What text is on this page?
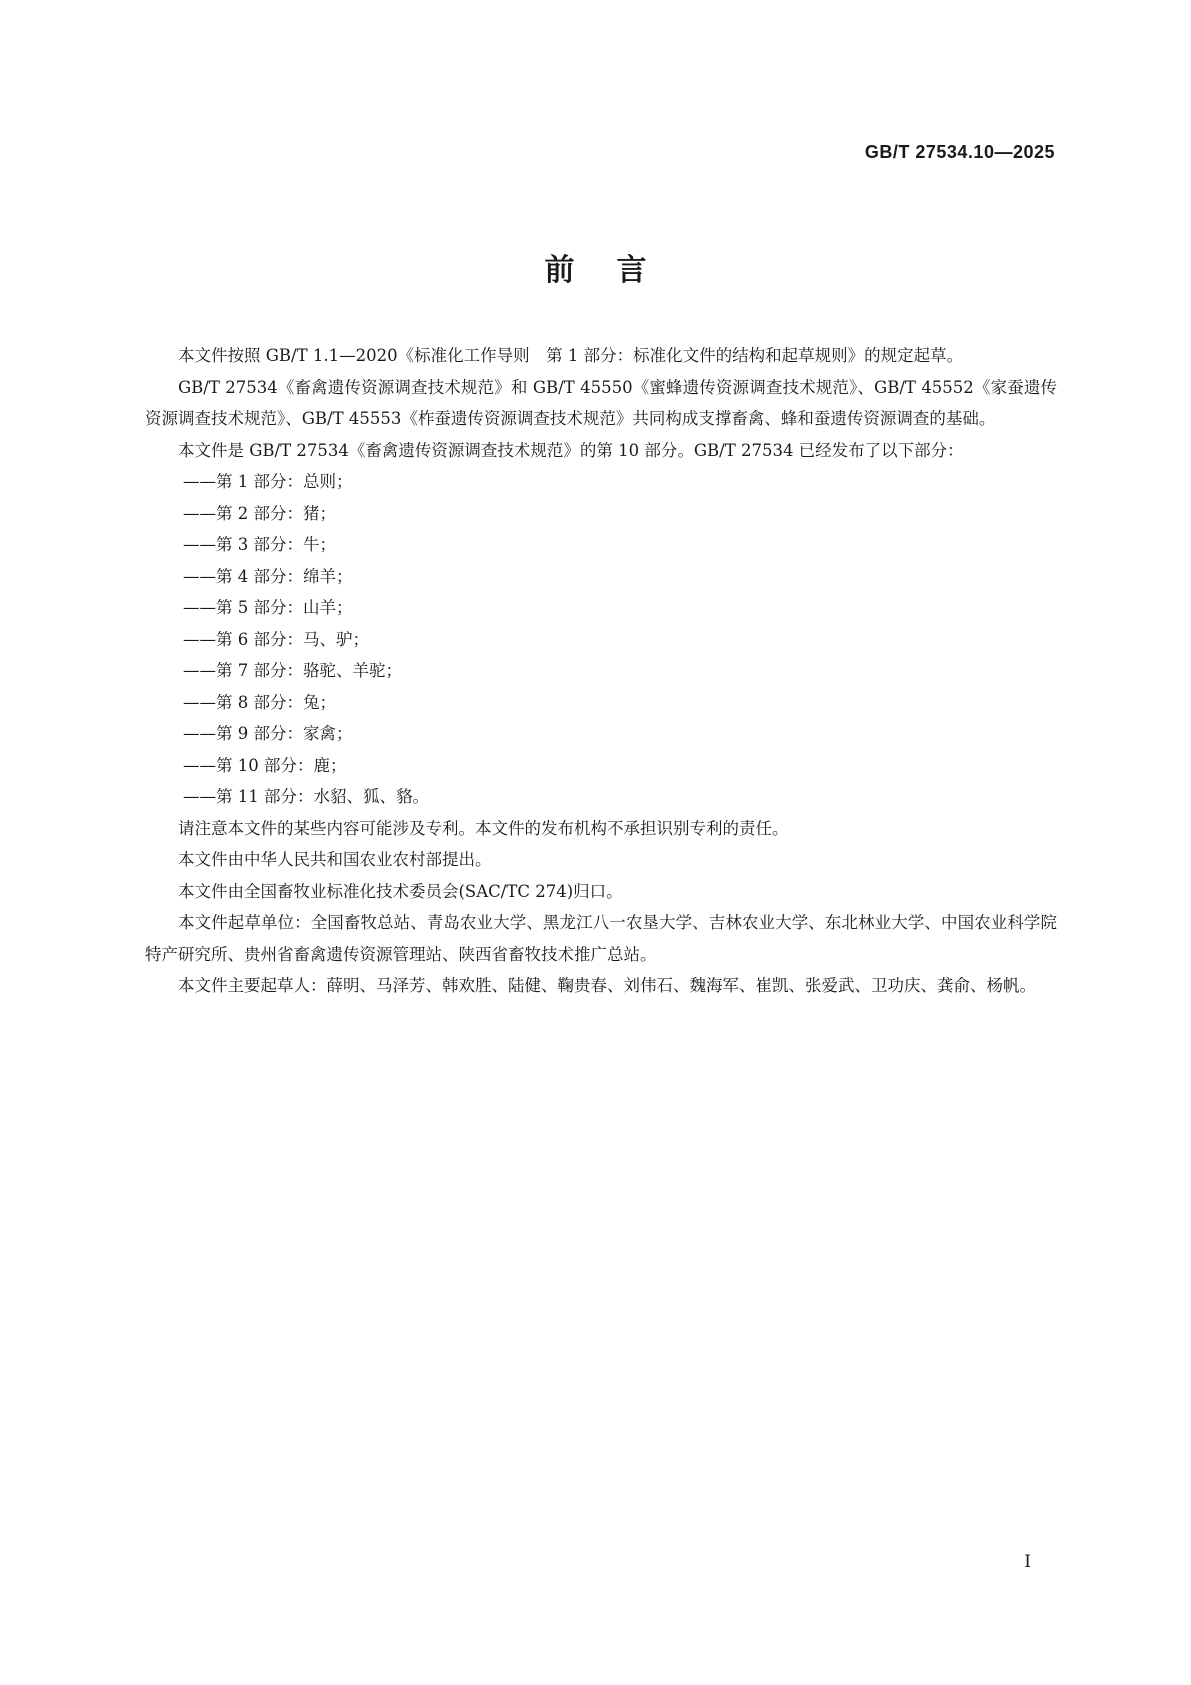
GB/T 27534.10—2025
前言

本文件按照 GB/T 1.1—2020《标准化工作导则　第 1 部分：标准化文件的结构和起草规则》的规定起草。

GB/T 27534《畜禽遗传资源调查技术规范》和 GB/T 45550《蜜蜂遗传资源调查技术规范》、GB/T 45552《家蚕遗传资源调查技术规范》、GB/T 45553《柞蚕遗传资源调查技术规范》共同构成支撑畜禽、蜂和蚕遗传资源调查的基础。

本文件是 GB/T 27534《畜禽遗传资源调查技术规范》的第 10 部分。GB/T 27534 已经发布了以下部分：

——第 1 部分：总则；
——第 2 部分：猪；
——第 3 部分：牛；
——第 4 部分：绵羊；
——第 5 部分：山羊；
——第 6 部分：马、驴；
——第 7 部分：骆驼、羊驼；
——第 8 部分：兔；
——第 9 部分：家禽；
——第 10 部分：鹿；
——第 11 部分：水貂、狐、貉。

请注意本文件的某些内容可能涉及专利。本文件的发布机构不承担识别专利的责任。

本文件由中华人民共和国农业农村部提出。

本文件由全国畜牧业标准化技术委员会(SAC/TC 274)归口。

本文件起草单位：全国畜牧总站、青岛农业大学、黑龙江八一农垦大学、吉林农业大学、东北林业大学、中国农业科学院特产研究所、贵州省畜禽遗传资源管理站、陕西省畜牧技术推广总站。

本文件主要起草人：薛明、马泽芳、韩欢胜、陆健、鞠贵春、刘伟石、魏海军、崔凯、张爱武、卫功庆、龚俞、杨帆。

I
